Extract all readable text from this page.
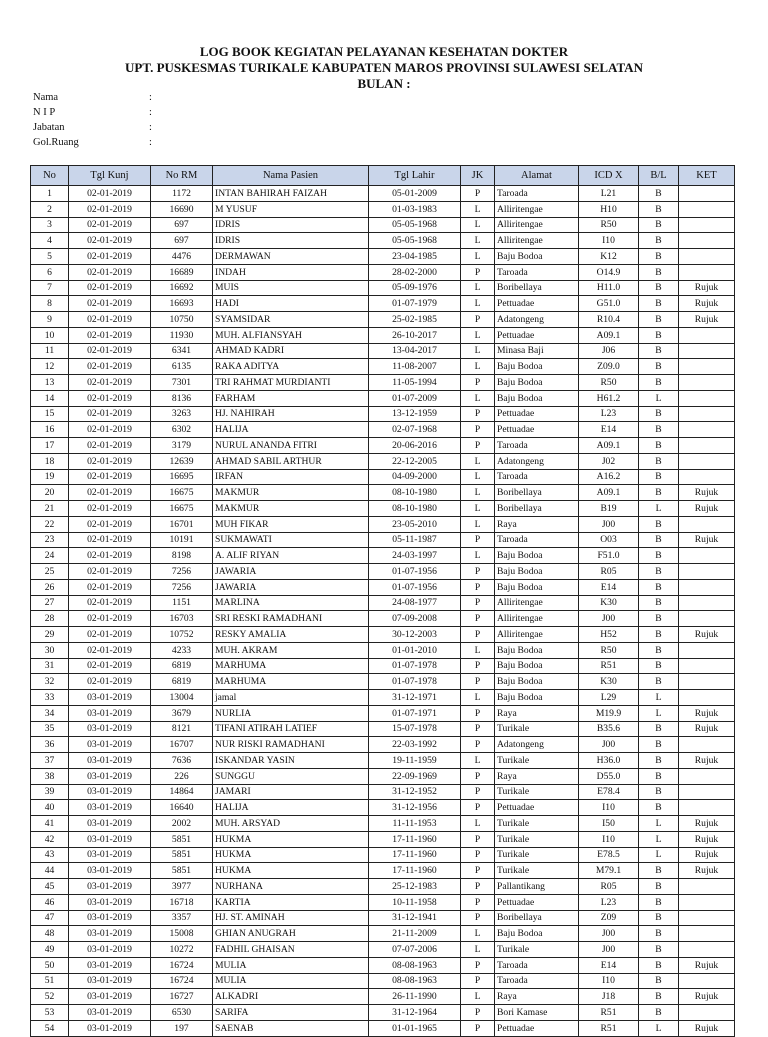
LOG BOOK KEGIATAN PELAYANAN KESEHATAN DOKTER
UPT. PUSKESMAS TURIKALE KABUPATEN MAROS PROVINSI SULAWESI SELATAN
BULAN :
Nama	:
N I P	:
Jabatan	:
Gol.Ruang	:
No	Tgl Kunj	No RM	Nama Pasien	Tgl Lahir	JK	Alamat	ICD X	B/L	KET
1	02-01-2019	1172	INTAN BAHIRAH FAIZAH	05-01-2009	P	Taroada	L21	B	
2	02-01-2019	16690	M YUSUF	01-03-1983	L	Alliritengae	H10	B	
3	02-01-2019	697	IDRIS	05-05-1968	L	Alliritengae	R50	B	
4	02-01-2019	697	IDRIS	05-05-1968	L	Alliritengae	I10	B	
5	02-01-2019	4476	DERMAWAN	23-04-1985	L	Baju Bodoa	K12	B	
6	02-01-2019	16689	INDAH	28-02-2000	P	Taroada	O14.9	B	
7	02-01-2019	16692	MUIS	05-09-1976	L	Boribellaya	H11.0	B	Rujuk
8	02-01-2019	16693	HADI	01-07-1979	L	Pettuadae	G51.0	B	Rujuk
9	02-01-2019	10750	SYAMSIDAR	25-02-1985	P	Adatongeng	R10.4	B	Rujuk
10	02-01-2019	11930	MUH. ALFIANSYAH	26-10-2017	L	Pettuadae	A09.1	B	
11	02-01-2019	6341	AHMAD KADRI	13-04-2017	L	Minasa Baji	J06	B	
12	02-01-2019	6135	RAKA ADITYA	11-08-2007	L	Baju Bodoa	Z09.0	B	
13	02-01-2019	7301	TRI RAHMAT MURDIANTI	11-05-1994	P	Baju Bodoa	R50	B	
14	02-01-2019	8136	FARHAM	01-07-2009	L	Baju Bodoa	H61.2	L	
15	02-01-2019	3263	HJ. NAHIRAH	13-12-1959	P	Pettuadae	L23	B	
16	02-01-2019	6302	HALIJA	02-07-1968	P	Pettuadae	E14	B	
17	02-01-2019	3179	NURUL ANANDA FITRI	20-06-2016	P	Taroada	A09.1	B	
18	02-01-2019	12639	AHMAD SABIL ARTHUR	22-12-2005	L	Adatongeng	J02	B	
19	02-01-2019	16695	IRFAN	04-09-2000	L	Taroada	A16.2	B	
20	02-01-2019	16675	MAKMUR	08-10-1980	L	Boribellaya	A09.1	B	Rujuk
21	02-01-2019	16675	MAKMUR	08-10-1980	L	Boribellaya	B19	L	Rujuk
22	02-01-2019	16701	MUH FIKAR	23-05-2010	L	Raya	J00	B	
23	02-01-2019	10191	SUKMAWATI	05-11-1987	P	Taroada	O03	B	Rujuk
24	02-01-2019	8198	A. ALIF RIYAN	24-03-1997	L	Baju Bodoa	F51.0	B	
25	02-01-2019	7256	JAWARIA	01-07-1956	P	Baju Bodoa	R05	B	
26	02-01-2019	7256	JAWARIA	01-07-1956	P	Baju Bodoa	E14	B	
27	02-01-2019	1151	MARLINA	24-08-1977	P	Alliritengae	K30	B	
28	02-01-2019	16703	SRI RESKI RAMADHANI	07-09-2008	P	Alliritengae	J00	B	
29	02-01-2019	10752	RESKY AMALIA	30-12-2003	P	Alliritengae	H52	B	Rujuk
30	02-01-2019	4233	MUH. AKRAM	01-01-2010	L	Baju Bodoa	R50	B	
31	02-01-2019	6819	MARHUMA	01-07-1978	P	Baju Bodoa	R51	B	
32	02-01-2019	6819	MARHUMA	01-07-1978	P	Baju Bodoa	K30	B	
33	03-01-2019	13004	jamal	31-12-1971	L	Baju Bodoa	L29	L	
34	03-01-2019	3679	NURLIA	01-07-1971	P	Raya	M19.9	L	Rujuk
35	03-01-2019	8121	TIFANI ATIRAH LATIEF	15-07-1978	P	Turikale	B35.6	B	Rujuk
36	03-01-2019	16707	NUR RISKI RAMADHANI	22-03-1992	P	Adatongeng	J00	B	
37	03-01-2019	7636	ISKANDAR YASIN	19-11-1959	L	Turikale	H36.0	B	Rujuk
38	03-01-2019	226	SUNGGU	22-09-1969	P	Raya	D55.0	B	
39	03-01-2019	14864	JAMARI	31-12-1952	P	Turikale	E78.4	B	
40	03-01-2019	16640	HALIJA	31-12-1956	P	Pettuadae	I10	B	
41	03-01-2019	2002	MUH. ARSYAD	11-11-1953	L	Turikale	I50	L	Rujuk
42	03-01-2019	5851	HUKMA	17-11-1960	P	Turikale	I10	L	Rujuk
43	03-01-2019	5851	HUKMA	17-11-1960	P	Turikale	E78.5	L	Rujuk
44	03-01-2019	5851	HUKMA	17-11-1960	P	Turikale	M79.1	B	Rujuk
45	03-01-2019	3977	NURHANA	25-12-1983	P	Pallantikang	R05	B	
46	03-01-2019	16718	KARTIA	10-11-1958	P	Pettuadae	L23	B	
47	03-01-2019	3357	HJ. ST. AMINAH	31-12-1941	P	Boribellaya	Z09	B	
48	03-01-2019	15008	GHIAN ANUGRAH	21-11-2009	L	Baju Bodoa	J00	B	
49	03-01-2019	10272	FADHIL GHAISAN	07-07-2006	L	Turikale	J00	B	
50	03-01-2019	16724	MULIA	08-08-1963	P	Taroada	E14	B	Rujuk
51	03-01-2019	16724	MULIA	08-08-1963	P	Taroada	I10	B	
52	03-01-2019	16727	ALKADRI	26-11-1990	L	Raya	J18	B	Rujuk
53	03-01-2019	6530	SARIFA	31-12-1964	P	Bori Kamase	R51	B	
54	03-01-2019	197	SAENAB	01-01-1965	P	Pettuadae	R51	L	Rujuk
